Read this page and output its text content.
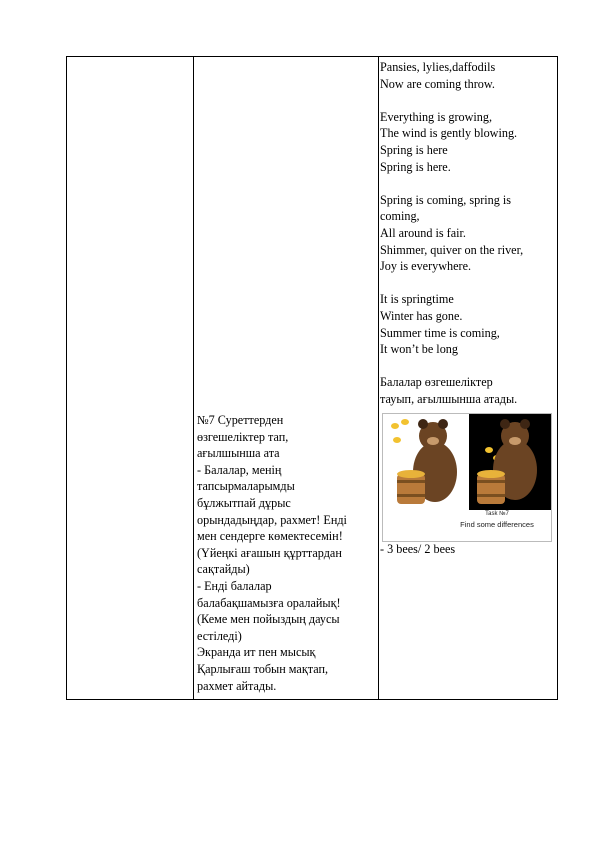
№7 Суреттерден
өзгешеліктер тап,
ағылшынша ата
- Балалар, менің
тапсырмаларымды
бұлжытпай дұрыс
орындадыңдар, рахмет! Енді
мен сендерге көмектесемін!
(Үйеңкі ағашын құрттардан
сақтайды)
- Енді балалар
балабақшамызға оралайық!
(Кеме мен пойыздың даусы
естіледі)
Экранда ит пен мысық
Қарлығаш тобын мақтап,
рахмет айтады.
Pansies, lylies,daffodils
Now are coming throw.

Everything is growing,
The wind is gently blowing.
Spring is here
Spring is here.

Spring is coming, spring is
coming,
All around is fair.
Shimmer, quiver on the river,
Joy is everywhere.

It is springtime
Winter has gone.
Summer time is coming,
It won’t be long

Балалар өзгешеліктер
тауып, ағылшынша атады.
Task №7
Find some differences
- 3 bees/ 2 bees
